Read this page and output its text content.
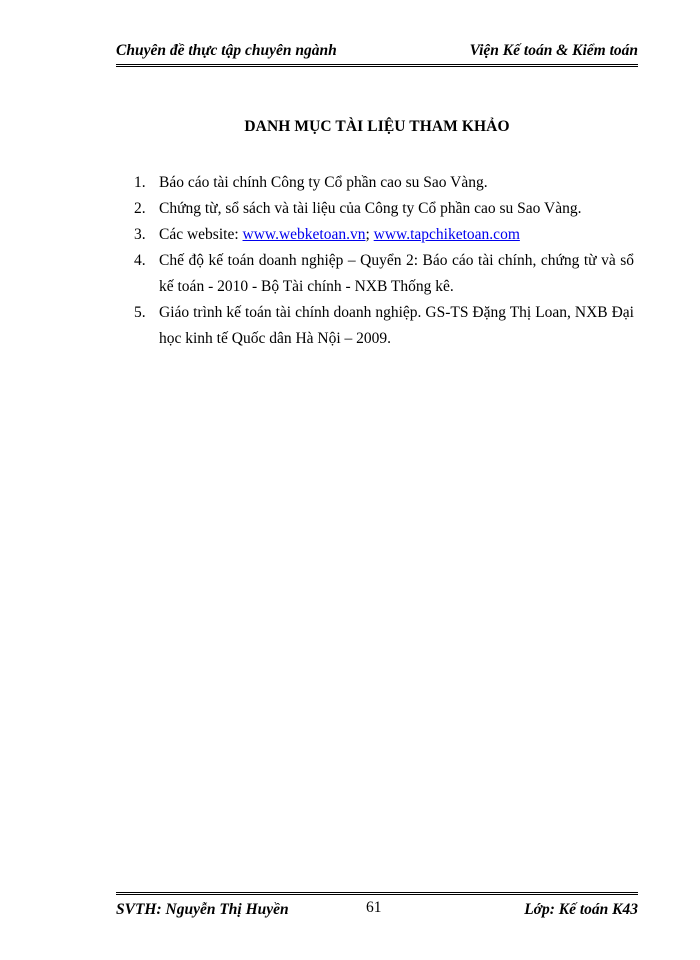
Chuyên đề thực tập chuyên ngành	Viện Kế toán & Kiểm toán
DANH MỤC TÀI LIỆU THAM KHẢO
1. Báo cáo tài chính Công ty Cổ phần cao su Sao Vàng.
2. Chứng từ, sổ sách và tài liệu của Công ty Cổ phần cao su Sao Vàng.
3. Các website: www.webketoan.vn; www.tapchiketoan.com
4. Chế độ kế toán doanh nghiệp – Quyển 2: Báo cáo tài chính, chứng từ và sổ kế toán - 2010 - Bộ Tài chính - NXB Thống kê.
5. Giáo trình kế toán tài chính doanh nghiệp. GS-TS Đặng Thị Loan, NXB Đại học kinh tế Quốc dân Hà Nội – 2009.
SVTH: Nguyễn Thị Huyền	61	Lớp: Kế toán K43
